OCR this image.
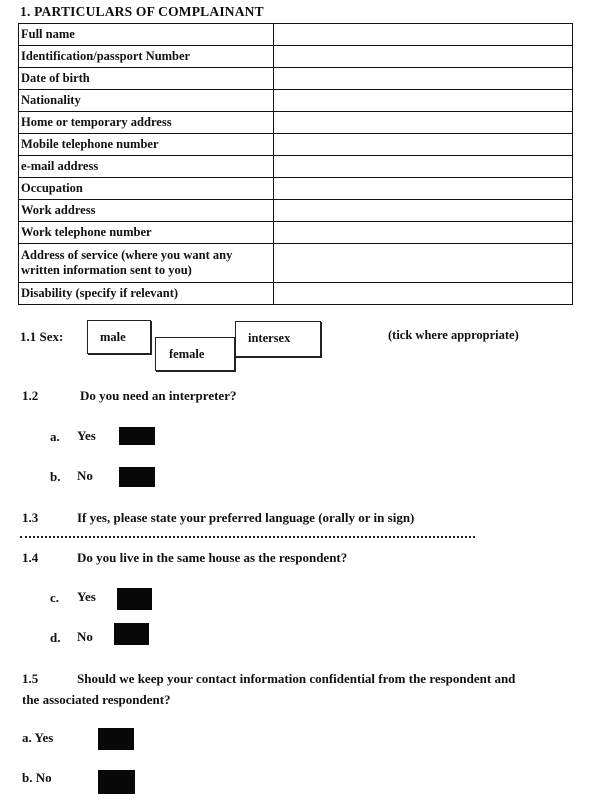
1. PARTICULARS OF COMPLAINANT
Full name	
Identification/passport Number	
Date of birth	
Nationality	
Home or temporary address	
Mobile telephone number	
e-mail address	
Occupation	
Work address	
Work telephone number	
Address of service (where you want any written information sent to you)	
Disability (specify if relevant)	
1.1 Sex:	male
female
intersex	(tick where appropriate)
1.2	Do you need an interpreter?
a. Yes
b. No
1.3	If yes, please state your preferred language (orally or in sign)
1.4	Do you live in the same house as the respondent?
c. Yes
d. No
1.5	Should we keep your contact information confidential from the respondent and
the associated respondent?
a. Yes
b. No
